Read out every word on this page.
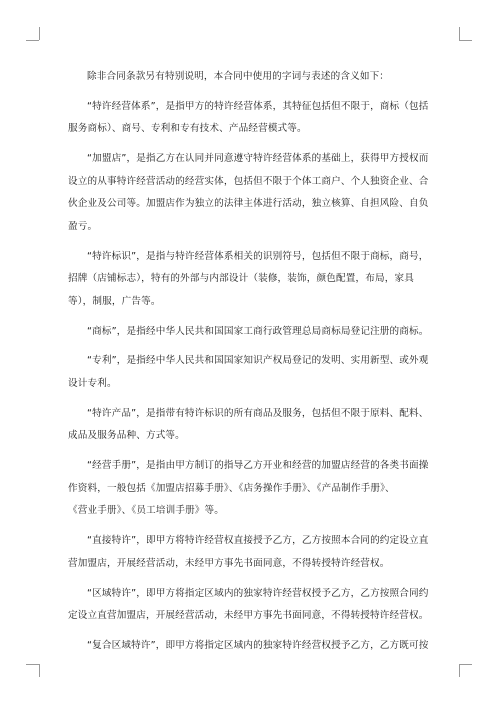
除非合同条款另有特别说明，本合同中使用的字词与表述的含义如下：

“特许经营体系”，是指甲方的特许经营体系，其特征包括但不限于，商标（包括
服务商标）、商号、专利和专有技术、产品经营模式等。

“加盟店”，是指乙方在认同并同意遵守特许经营体系的基础上，获得甲方授权而
设立的从事特许经营活动的经营实体，包括但不限于个体工商户、个人独资企业、合
伙企业及公司等。加盟店作为独立的法律主体进行活动，独立核算、自担风险、自负
盈亏。

“特许标识”，是指与特许经营体系相关的识别符号，包括但不限于商标，商号，
招牌（店铺标志），特有的外部与内部设计（装修，装饰，颜色配置，布局，家具
等），制服，广告等。

“商标”，是指经中华人民共和国国家工商行政管理总局商标局登记注册的商标。

“专利”，是指经中华人民共和国国家知识产权局登记的发明、实用新型、或外观
设计专利。

“特许产品”，是指带有特许标识的所有商品及服务，包括但不限于原料、配料、
成品及服务品种、方式等。

“经营手册”，是指由甲方制订的指导乙方开业和经营的加盟店经营的各类书面操
作资料，一般包括《加盟店招募手册》、《店务操作手册》、《产品制作手册》、
《营业手册》、《员工培训手册》等。

“直接特许”，即甲方将特许经营权直接授予乙方，乙方按照本合同的约定设立直
营加盟店，开展经营活动，未经甲方事先书面同意，不得转授特许经营权。

“区域特许”，即甲方将指定区域内的独家特许经营权授予乙方，乙方按照合同约
定设立直营加盟店，开展经营活动，未经甲方事先书面同意，不得转授特许经营权。

“复合区域特许”，即甲方将指定区域内的独家特许经营权授予乙方，乙方既可按
